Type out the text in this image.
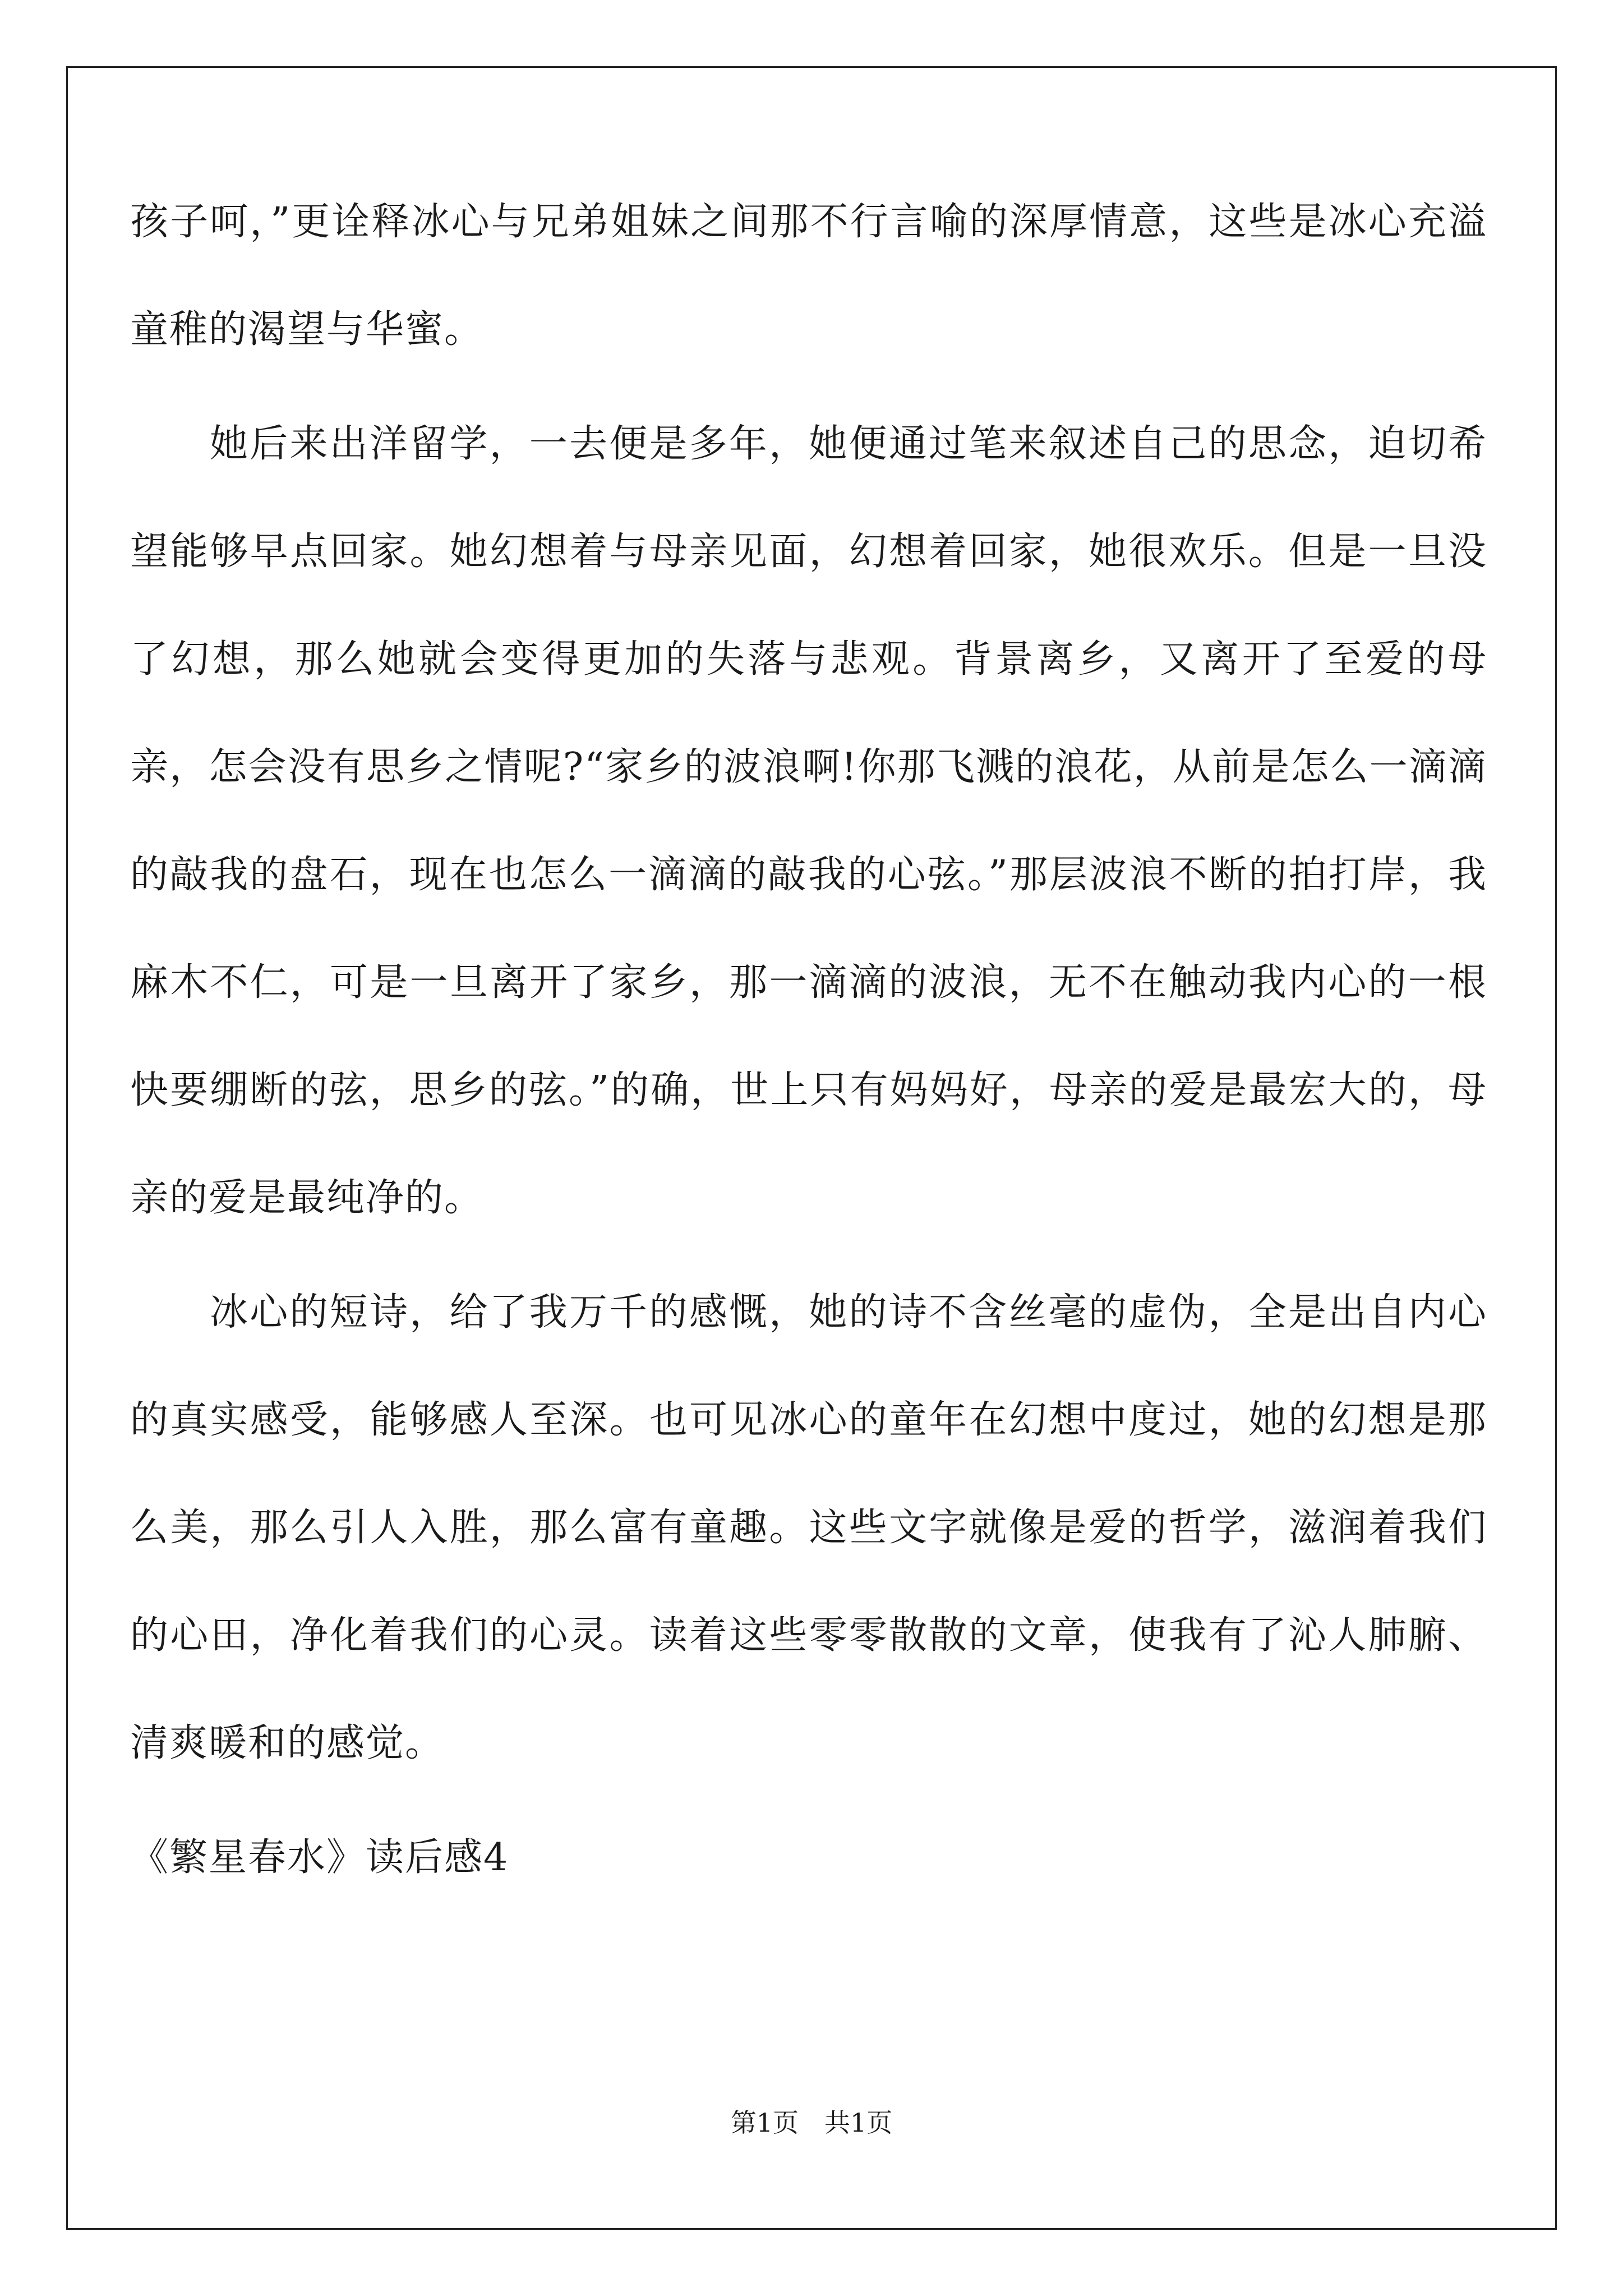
孩子呵，”更诠释冰心与兄弟姐妹之间那不行言喻的深厚情意，这些是冰心充溢童稚的渴望与华蜜。

她后来出洋留学，一去便是多年，她便通过笔来叙述自己的思念，迫切希望能够早点回家。她幻想着与母亲见面，幻想着回家，她很欢乐。但是一旦没了幻想，那么她就会变得更加的失落与悲观。背景离乡，又离开了至爱的母亲，怎会没有思乡之情呢?“家乡的波浪啊!你那飞溅的浪花，从前是怎么一滴滴的敲我的盘石，现在也怎么一滴滴的敲我的心弦。”那层波浪不断的拍打岸，我麻木不仁，可是一旦离开了家乡，那一滴滴的波浪，无不在触动我内心的一根快要绷断的弦，思乡的弦。”的确，世上只有妈妈好，母亲的爱是最宏大的，母亲的爱是最纯净的。

冰心的短诗，给了我万千的感慨，她的诗不含丝毫的虚伪，全是出自内心的真实感受，能够感人至深。也可见冰心的童年在幻想中度过，她的幻想是那么美，那么引人入胜，那么富有童趣。这些文字就像是爱的哲学，滋润着我们的心田，净化着我们的心灵。读着这些零零散散的文章，使我有了沁人肺腑、清爽暖和的感觉。

《繁星春水》读后感4

第1页　共1页
